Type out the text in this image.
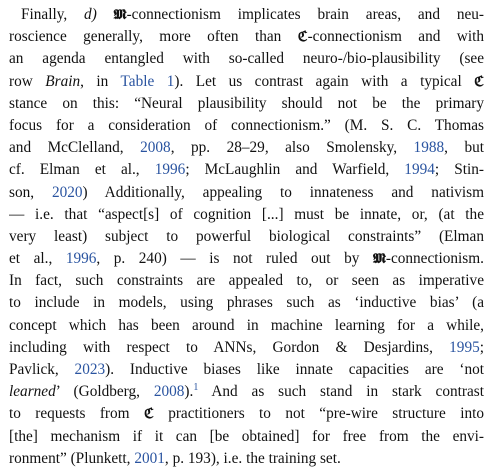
Finally, d) 𝕸-connectionism implicates brain areas, and neu-
roscience generally, more often than ℭ-connectionism and with
an agenda entangled with so-called neuro-/bio-plausibility (see
row Brain, in Table 1). Let us contrast again with a typical ℭ
stance on this: “Neural plausibility should not be the primary
focus for a consideration of connectionism.” (M. S. C. Thomas
and McClelland, 2008, pp. 28–29, also Smolensky, 1988, but
cf. Elman et al., 1996; McLaughlin and Warfield, 1994; Stin-
son, 2020) Additionally, appealing to innateness and nativism
— i.e. that “aspect[s] of cognition [...] must be innate, or, (at the
very least) subject to powerful biological constraints” (Elman
et al., 1996, p. 240) — is not ruled out by 𝕸-connectionism.
In fact, such constraints are appealed to, or seen as imperative
to include in models, using phrases such as ‘inductive bias’ (a
concept which has been around in machine learning for a while,
including with respect to ANNs, Gordon & Desjardins, 1995;
Pavlick, 2023). Inductive biases like innate capacities are ‘not
learned’ (Goldberg, 2008).$^1$ And as such stand in stark contrast
to requests from ℭ practitioners to not “pre-wire structure into
[the] mechanism if it can [be obtained] for free from the envi-
ronment” (Plunkett, 2001, p. 193), i.e. the training set.
